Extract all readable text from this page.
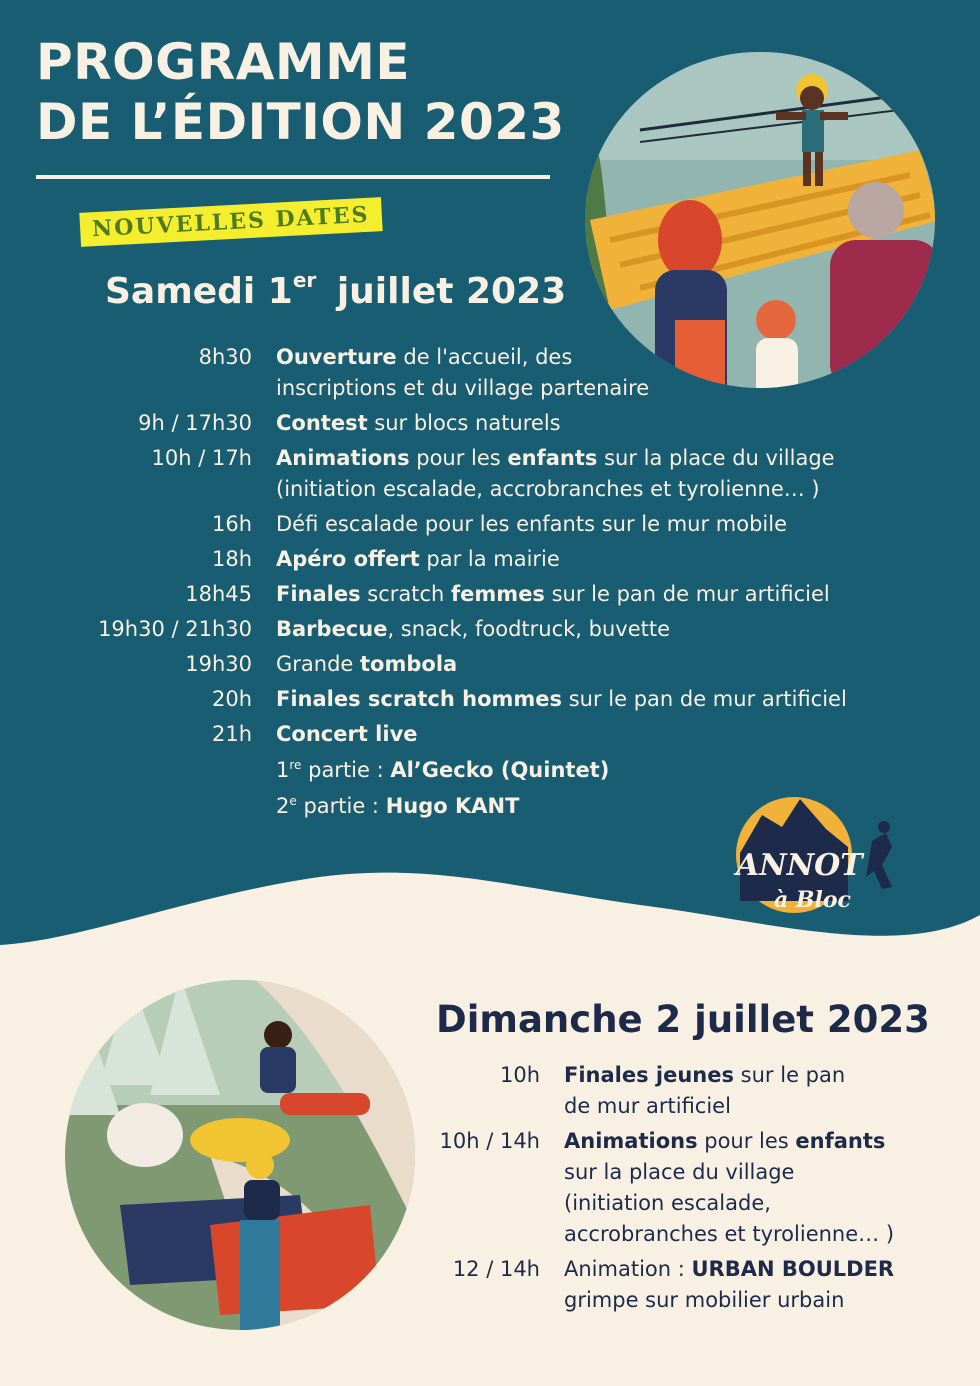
PROGRAMME
DE L’ÉDITION 2023
NOUVELLES DATES
Samedi 1er juillet 2023
8h30 Ouverture de l'accueil, des
inscriptions et du village partenaire
9h / 17h30 Contest sur blocs naturels
10h / 17h Animations pour les enfants sur la place du village
(initiation escalade, accrobranches et tyrolienne… )
16h Défi escalade pour les enfants sur le mur mobile
18h Apéro offert par la mairie
18h45 Finales scratch femmes sur le pan de mur artificiel
19h30 / 21h30 Barbecue, snack, foodtruck, buvette
19h30 Grande tombola
20h Finales scratch hommes sur le pan de mur artificiel
21h Concert live
1re partie : Al’Gecko (Quintet)
2e partie : Hugo KANT
ANNOT
à Bloc
Dimanche 2 juillet 2023
10h Finales jeunes sur le pan
de mur artificiel
10h / 14h Animations pour les enfants
sur la place du village
(initiation escalade,
accrobranches et tyrolienne… )
12 / 14h Animation : URBAN BOULDER
grimpe sur mobilier urbain
